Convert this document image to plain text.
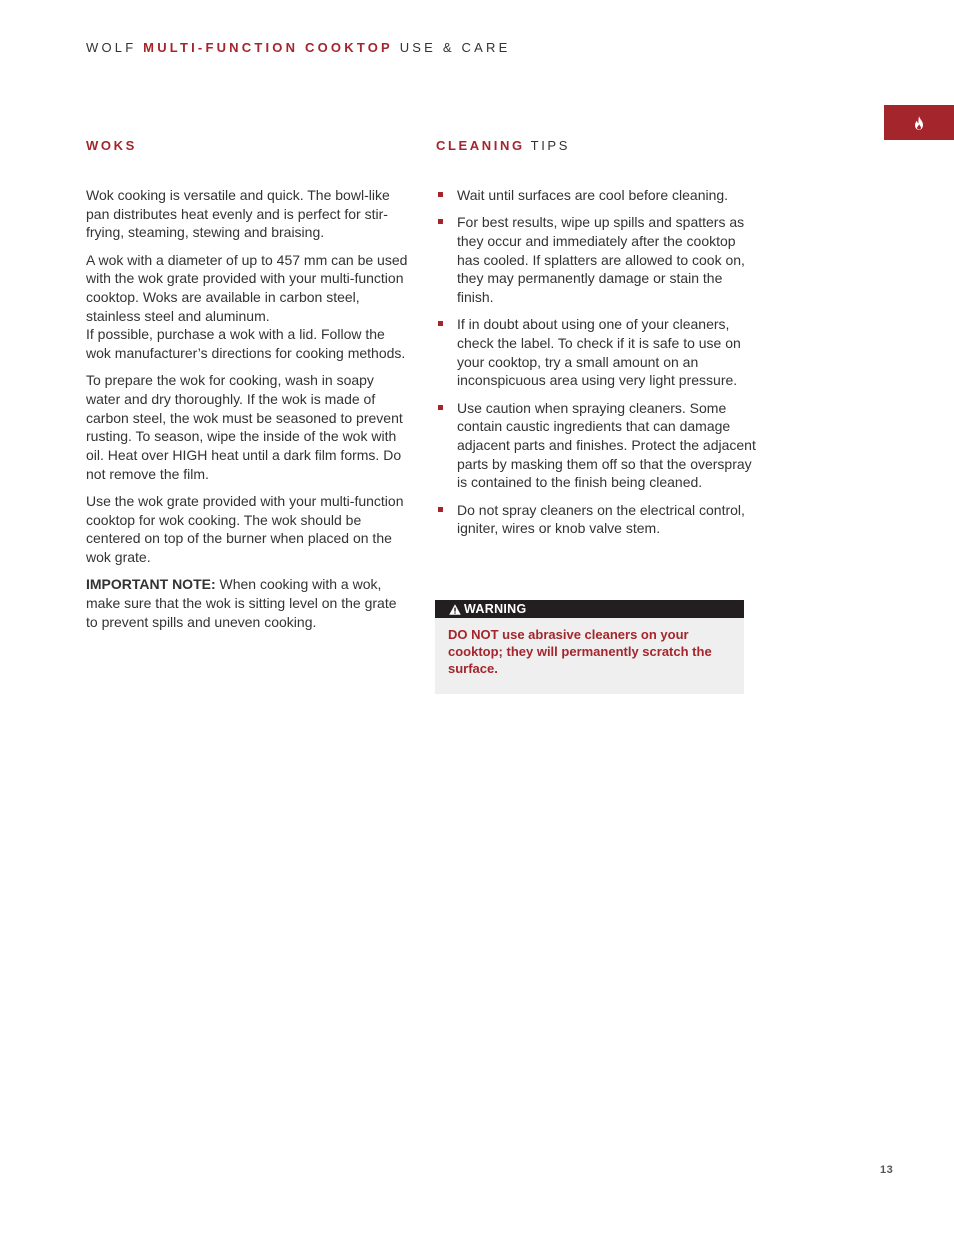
WOLF MULTI-FUNCTION COOKTOP USE & CARE
WOKS	CLEANING TIPS

Wok cooking is versatile and quick. The bowl-like pan distributes heat evenly and is perfect for stir-frying, steaming, stewing and braising.

A wok with a diameter of up to 457 mm can be used with the wok grate provided with your multi-function cooktop. Woks are available in carbon steel, stainless steel and aluminum.

If possible, purchase a wok with a lid. Follow the wok manufacturer’s directions for cooking methods.

To prepare the wok for cooking, wash in soapy water and dry thoroughly. If the wok is made of carbon steel, the wok must be seasoned to prevent rusting. To season, wipe the inside of the wok with oil. Heat over HIGH heat until a dark film forms. Do not remove the film.

Use the wok grate provided with your multi-function cooktop for wok cooking. The wok should be centered on top of the burner when placed on the wok grate.

IMPORTANT NOTE: When cooking with a wok, make sure that the wok is sitting level on the grate to prevent spills and uneven cooking.

Wait until surfaces are cool before cleaning.
For best results, wipe up spills and spatters as they occur and immediately after the cooktop has cooled. If splatters are allowed to cook on, they may permanently damage or stain the finish.
If in doubt about using one of your cleaners, check the label. To check if it is safe to use on your cooktop, try a small amount on an inconspicuous area using very light pressure.
Use caution when spraying cleaners. Some contain caustic ingredients that can damage adjacent parts and finishes. Protect the adjacent parts by masking them off so that the overspray is contained to the finish being cleaned.
Do not spray cleaners on the electrical control, igniter, wires or knob valve stem.
WARNING
DO NOT use abrasive cleaners on your cooktop; they will permanently scratch the surface.
13
